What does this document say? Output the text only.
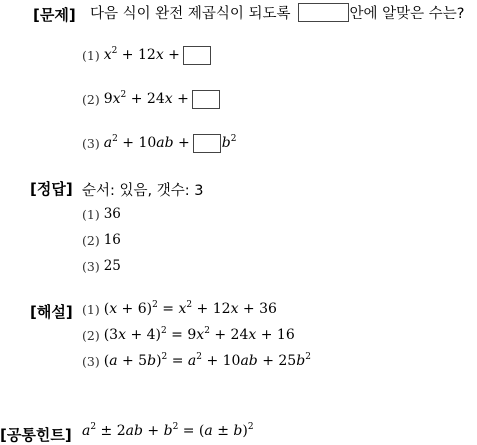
[문제] 다음 식이 완전 제곱식이 되도록	안에 알맞은 수는?
(1) $x^2 + 12x$ +
(2) $9x^2 + 24x$ +
(3) $a^2 + 10ab + b^2$
[정답] 순서: 있음, 갯수: 3
(1) 36
(2) 16
(3) 25
[해설] (1) $(x + 6)^2 = x^2 + 12x + 36$
(2) $(3x + 4)^2 = 9x^2 + 24x + 16$
(3) $(a + 5b)^2 = a^2 + 10ab + 25b^2$
[공통힌트] $a^2 \pm 2ab + b^2 = (a \pm b)^2$
